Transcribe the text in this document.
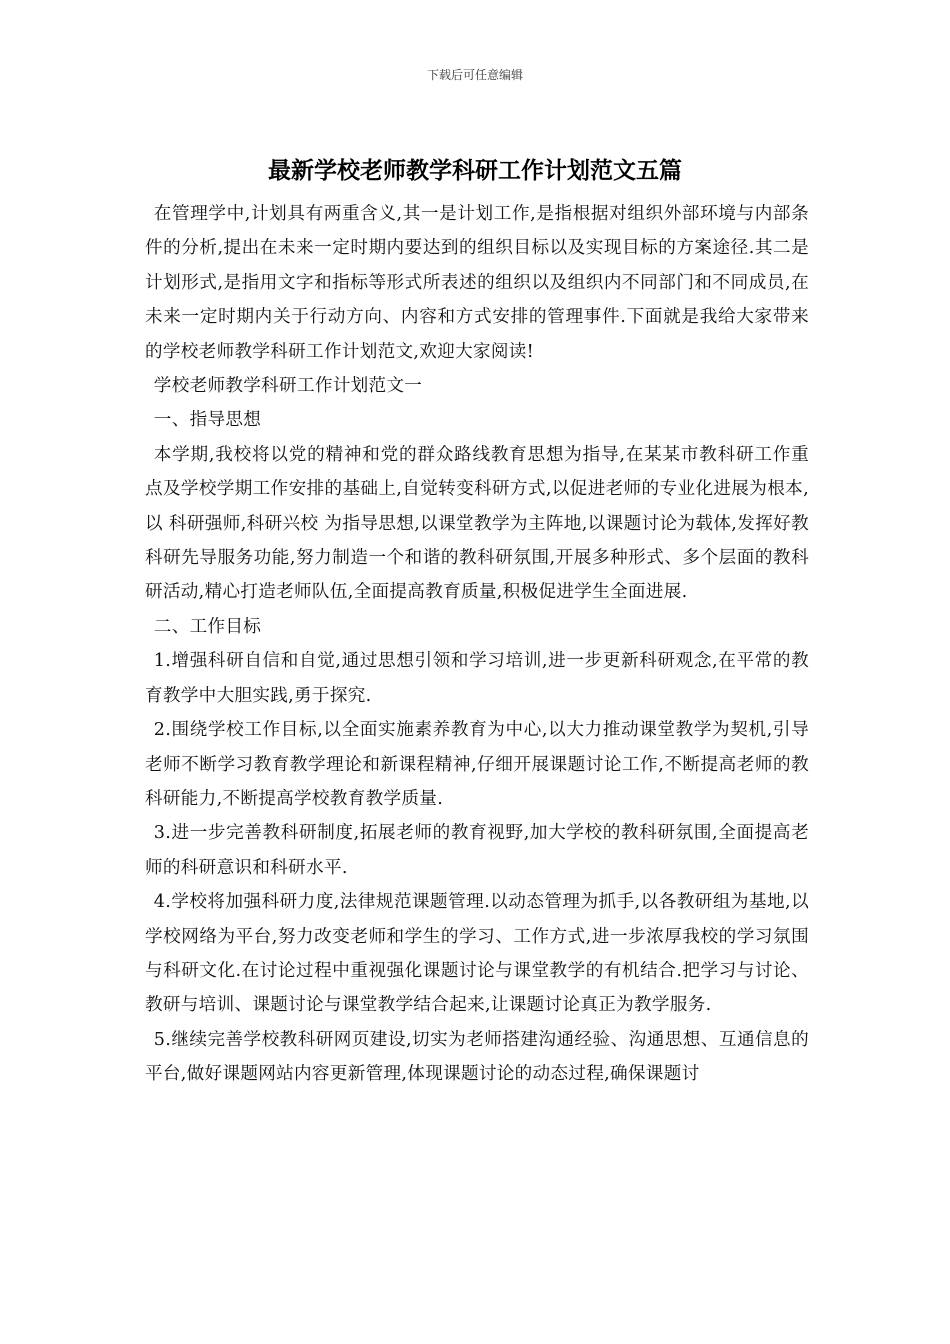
下载后可任意编辑
最新学校老师教学科研工作计划范文五篇

在管理学中,计划具有两重含义,其一是计划工作,是指根据对组织外部环境与内部条件的分析,提出在未来一定时期内要达到的组织目标以及实现目标的方案途径.其二是计划形式,是指用文字和指标等形式所表述的组织以及组织内不同部门和不同成员,在未来一定时期内关于行动方向、内容和方式安排的管理事件.下面就是我给大家带来的学校老师教学科研工作计划范文,欢迎大家阅读!

学校老师教学科研工作计划范文一

一、指导思想

本学期,我校将以党的精神和党的群众路线教育思想为指导,在某某市教科研工作重点及学校学期工作安排的基础上,自觉转变科研方式,以促进老师的专业化进展为根本,以 科研强师,科研兴校 为指导思想,以课堂教学为主阵地,以课题讨论为载体,发挥好教科研先导服务功能,努力制造一个和谐的教科研氛围,开展多种形式、多个层面的教科研活动,精心打造老师队伍,全面提高教育质量,积极促进学生全面进展.

二、工作目标

1.增强科研自信和自觉,通过思想引领和学习培训,进一步更新科研观念,在平常的教育教学中大胆实践,勇于探究.

2.围绕学校工作目标,以全面实施素养教育为中心,以大力推动课堂教学为契机,引导老师不断学习教育教学理论和新课程精神,仔细开展课题讨论工作,不断提高老师的教科研能力,不断提高学校教育教学质量.

3.进一步完善教科研制度,拓展老师的教育视野,加大学校的教科研氛围,全面提高老师的科研意识和科研水平.

4.学校将加强科研力度,法律规范课题管理.以动态管理为抓手,以各教研组为基地,以学校网络为平台,努力改变老师和学生的学习、工作方式,进一步浓厚我校的学习氛围与科研文化.在讨论过程中重视强化课题讨论与课堂教学的有机结合.把学习与讨论、教研与培训、课题讨论与课堂教学结合起来,让课题讨论真正为教学服务.

5.继续完善学校教科研网页建设,切实为老师搭建沟通经验、沟通思想、互通信息的平台,做好课题网站内容更新管理,体现课题讨论的动态过程,确保课题讨
